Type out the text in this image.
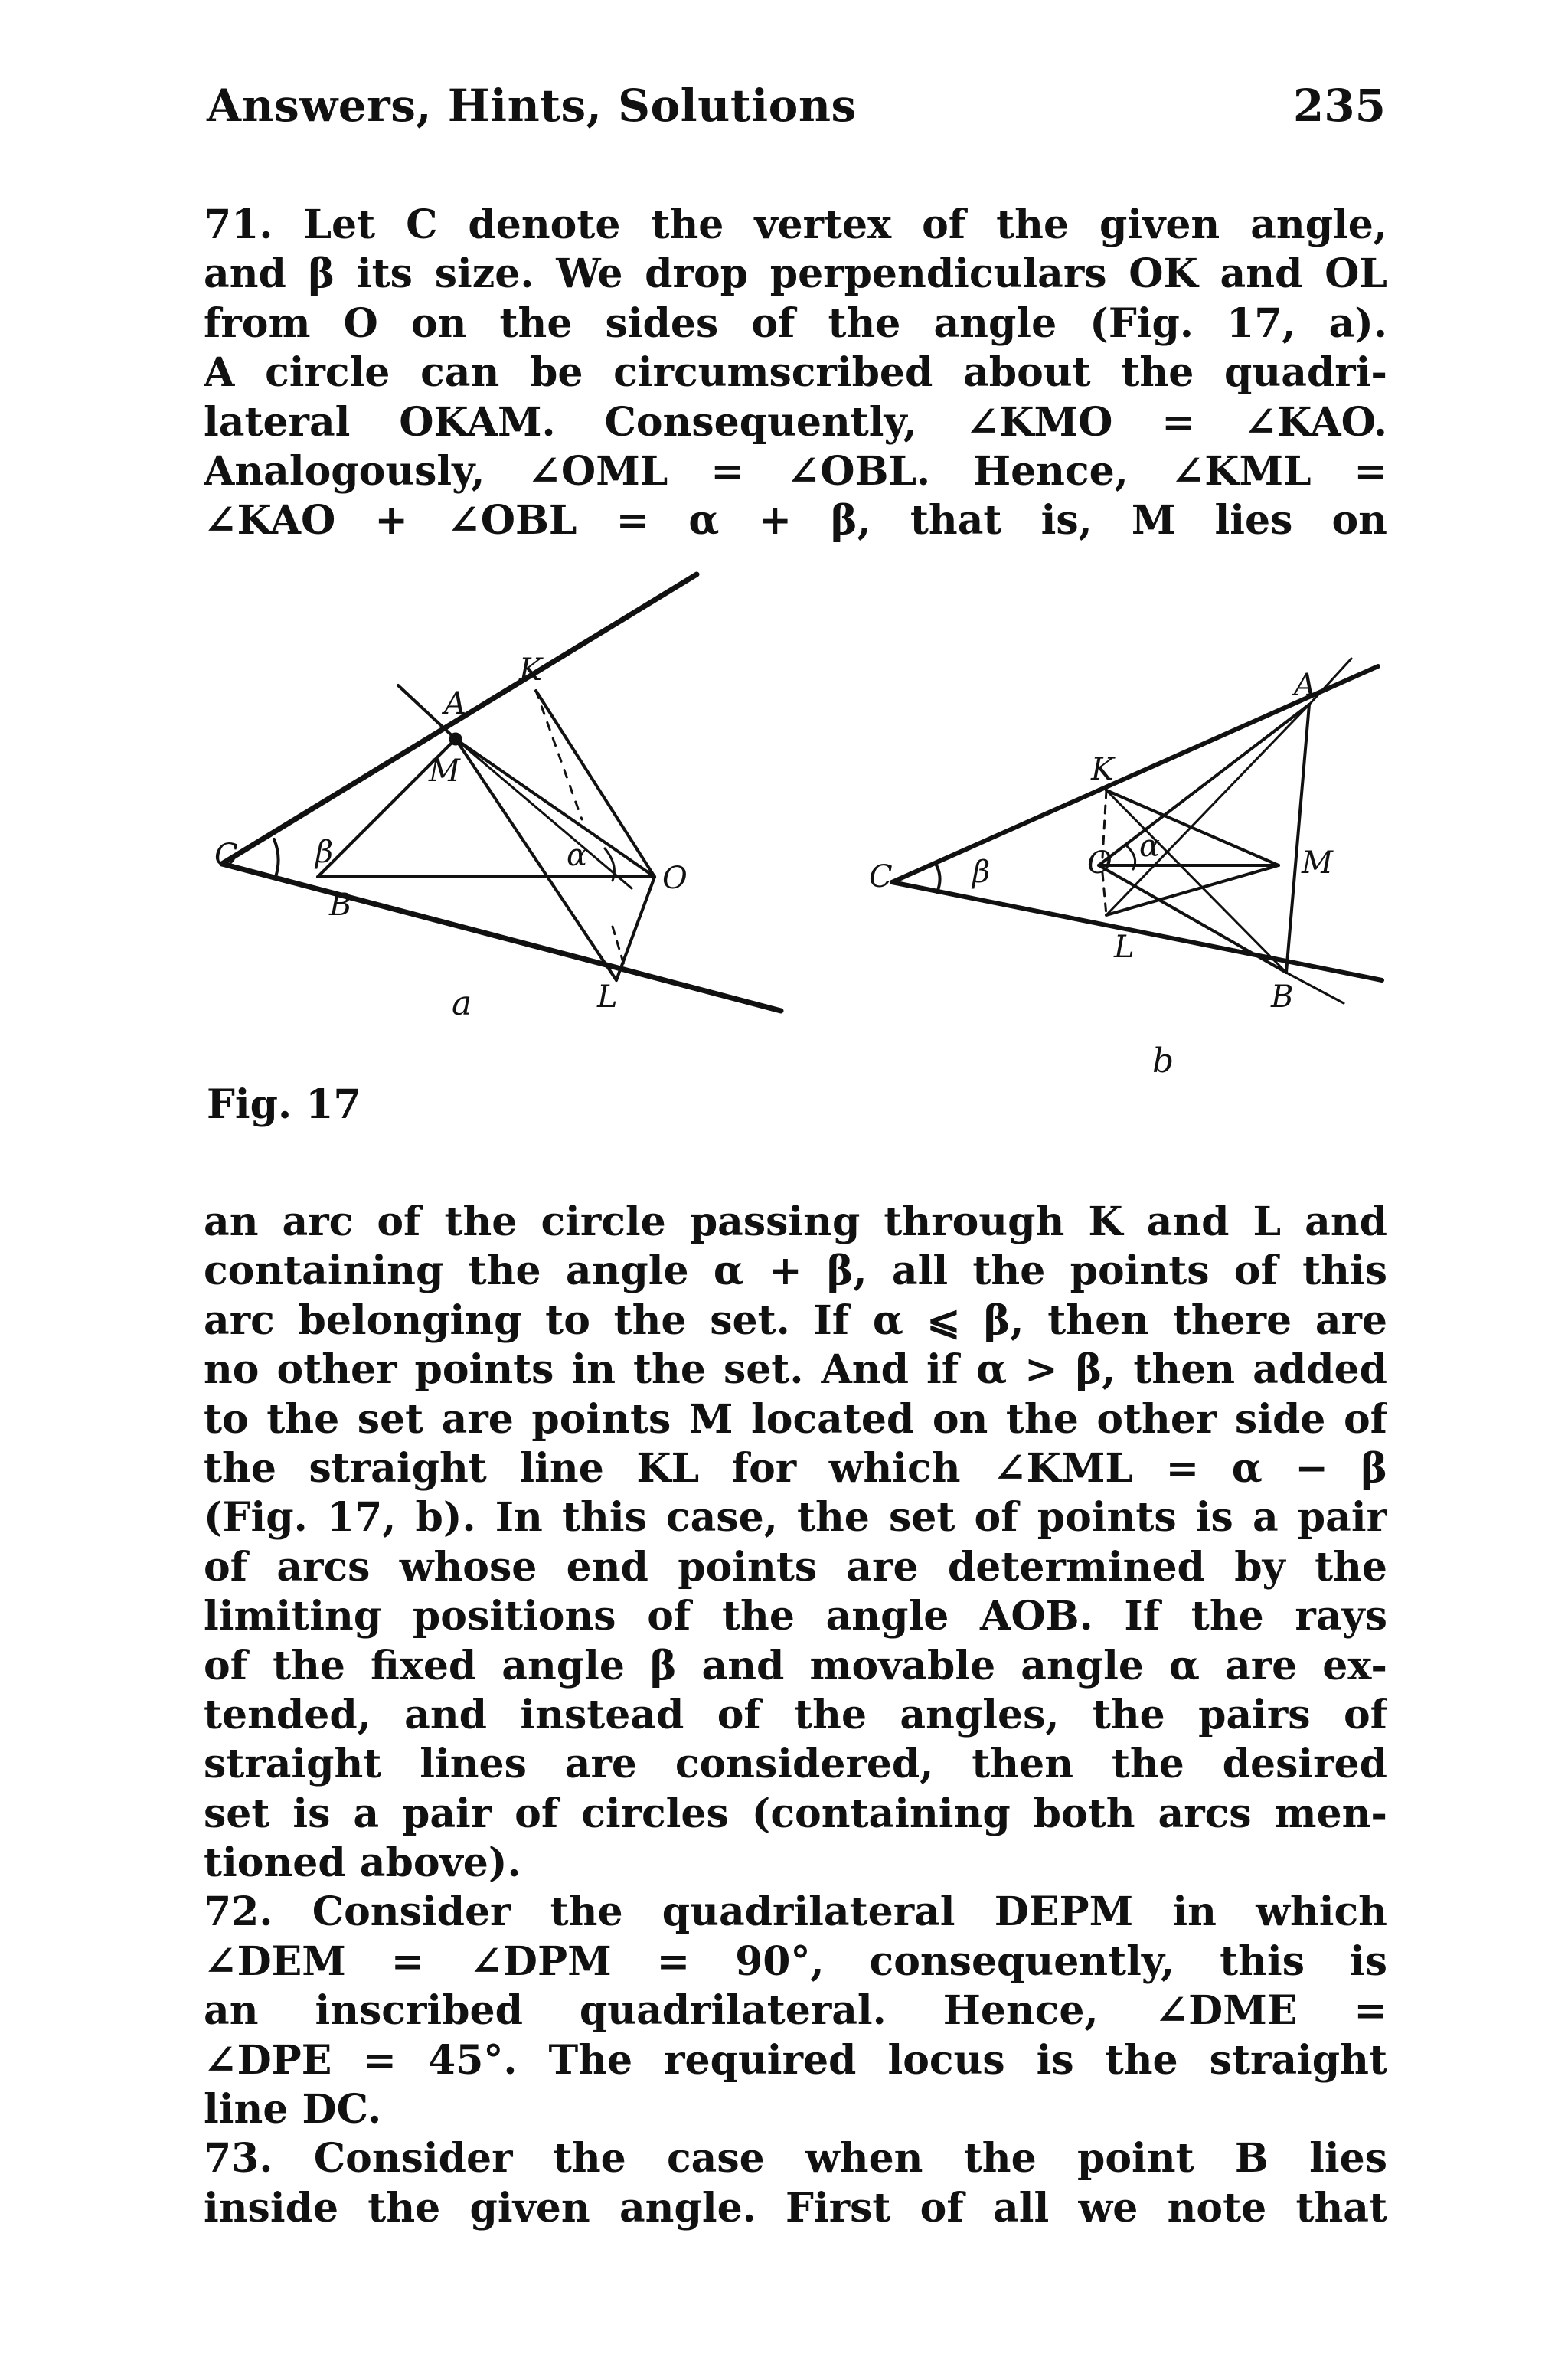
Answers, Hints, Solutions	235
71. Let C denote the vertex of the given angle,
and β its size. We drop perpendiculars OK and OL
from O on the sides of the angle (Fig. 17, a).
A circle can be circumscribed about the quadri-
lateral OKAM. Consequently, ∠KMO = ∠KAO.
Analogously, ∠OML = ∠OBL. Hence, ∠KML =
∠KAO + ∠OBL = α + β, that is, M lies on
C
B
A
M
K
O
L
β	α
a
C
K
A
O	M
L
B
β
α
b
Fig. 17
an arc of the circle passing through K and L and
containing the angle α + β, all the points of this
arc belonging to the set. If α ⩽ β, then there are
no other points in the set. And if α > β, then added
to the set are points M located on the other side of
the straight line KL for which ∠KML = α − β
(Fig. 17, b). In this case, the set of points is a pair
of arcs whose end points are determined by the
limiting positions of the angle AOB. If the rays
of the fixed angle β and movable angle α are ex-
tended, and instead of the angles, the pairs of
straight lines are considered, then the desired
set is a pair of circles (containing both arcs men-
tioned above).
72. Consider the quadrilateral DEPM in which
∠DEM = ∠DPM = 90°, consequently, this is
an inscribed quadrilateral. Hence, ∠DME =
∠DPE = 45°. The required locus is the straight
line DC.
73. Consider the case when the point B lies
inside the given angle. First of all we note that
